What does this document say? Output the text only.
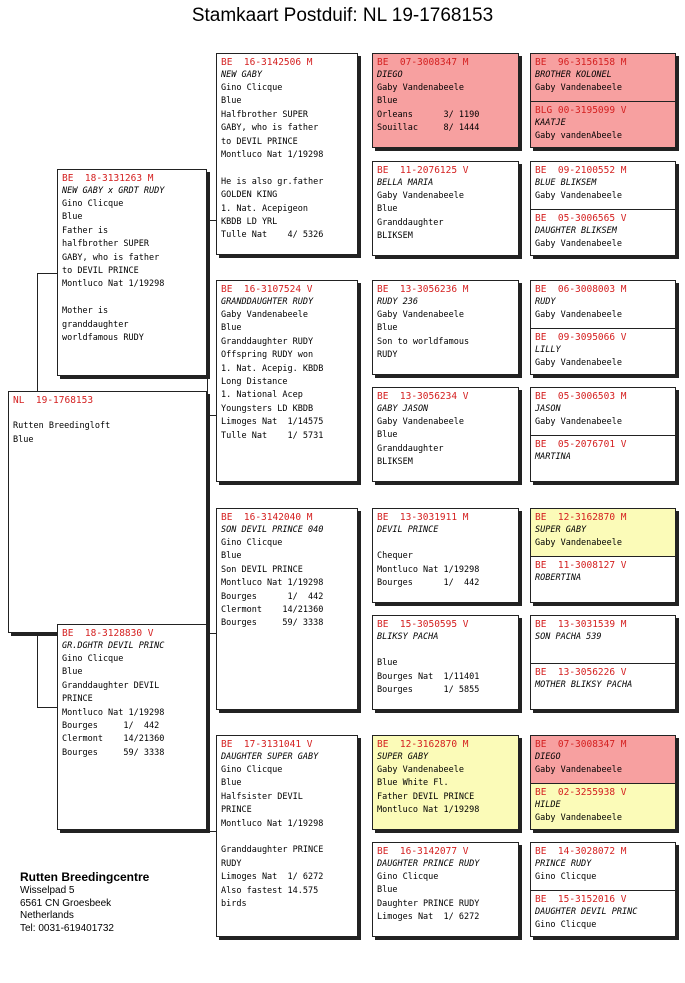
Stamkaart Postduif: NL 19-1768153
NL  19-1768153
Rutten Breedingloft
Blue
BE  18-3131263 M
NEW GABY x GRDT RUDY
Gino Clicque
Blue
Father is
halfbrother SUPER
GABY, who is father
to DEVIL PRINCE
Montluco Nat 1/19298
Mother is
granddaughter
worldfamous RUDY
BE  18-3128830 V
GR.DGHTR DEVIL PRINC
Gino Clicque
Blue
Granddaughter DEVIL
PRINCE
Montluco Nat 1/19298
Bourges     1/  442
Clermont    14/21360
Bourges     59/ 3338
BE  16-3142506 M
NEW GABY
Gino Clicque
Blue
Halfbrother SUPER
GABY, who is father
to DEVIL PRINCE
Montluco Nat 1/19298
He is also gr.father
GOLDEN KING
1. Nat. Acepigeon
KBDB LD YRL
Tulle Nat    4/ 5326
BE  16-3107524 V
GRANDDAUGHTER RUDY
Gaby Vandenabeele
Blue
Granddaughter RUDY
Offspring RUDY won
1. Nat. Acepig. KBDB
Long Distance
1. National Acep
Youngsters LD KBDB
Limoges Nat  1/14575
Tulle Nat    1/ 5731
BE  16-3142040 M
SON DEVIL PRINCE 040
Gino Clicque
Blue
Son DEVIL PRINCE
Montluco Nat 1/19298
Bourges      1/  442
Clermont    14/21360
Bourges     59/ 3338
BE  17-3131041 V
DAUGHTER SUPER GABY
Gino Clicque
Blue
Halfsister DEVIL
PRINCE
Montluco Nat 1/19298
Granddaughter PRINCE
RUDY
Limoges Nat  1/ 6272
Also fastest 14.575
birds
BE  07-3008347 M
DIEGO
Gaby Vandenabeele
Blue
Orleans      3/ 1190
Souillac     8/ 1444
BE  11-2076125 V
BELLA MARIA
Gaby Vandenabeele
Blue
Granddaughter
BLIKSEM
BE  13-3056236 M
RUDY 236
Gaby Vandenabeele
Blue
Son to worldfamous
RUDY
BE  13-3056234 V
GABY JASON
Gaby Vandenabeele
Blue
Granddaughter
BLIKSEM
BE  13-3031911 M
DEVIL PRINCE
Chequer
Montluco Nat 1/19298
Bourges      1/  442
BE  15-3050595 V
BLIKSY PACHA
Blue
Bourges Nat  1/11401
Bourges      1/ 5855
BE  12-3162870 M
SUPER GABY
Gaby Vandenabeele
Blue White Fl.
Father DEVIL PRINCE
Montluco Nat 1/19298
BE  16-3142077 V
DAUGHTER PRINCE RUDY
Gino Clicque
Blue
Daughter PRINCE RUDY
Limoges Nat  1/ 6272
BE  96-3156158 M
BROTHER KOLONEL
Gaby Vandenabeele
BLG 00-3195099 V
KAATJE
Gaby vandenAbeele
BE  09-2100552 M
BLUE BLIKSEM
Gaby Vandenabeele
BE  05-3006565 V
DAUGHTER BLIKSEM
Gaby Vandenabeele
BE  06-3008003 M
RUDY
Gaby Vandenabeele
BE  09-3095066 V
LILLY
Gaby Vandenabeele
BE  05-3006503 M
JASON
Gaby Vandenabeele
BE  05-2076701 V
MARTINA
BE  12-3162870 M
SUPER GABY
Gaby Vandenabeele
BE  11-3008127 V
ROBERTINA
BE  13-3031539 M
SON PACHA 539
BE  13-3056226 V
MOTHER BLIKSY PACHA
BE  07-3008347 M
DIEGO
Gaby Vandenabeele
BE  02-3255938 V
HILDE
Gaby Vandenabeele
BE  14-3028072 M
PRINCE RUDY
Gino Clicque
BE  15-3152016 V
DAUGHTER DEVIL PRINC
Gino Clicque
Rutten Breedingcentre
Wisselpad 5
6561 CN Groesbeek
Netherlands
Tel: 0031-619401732
